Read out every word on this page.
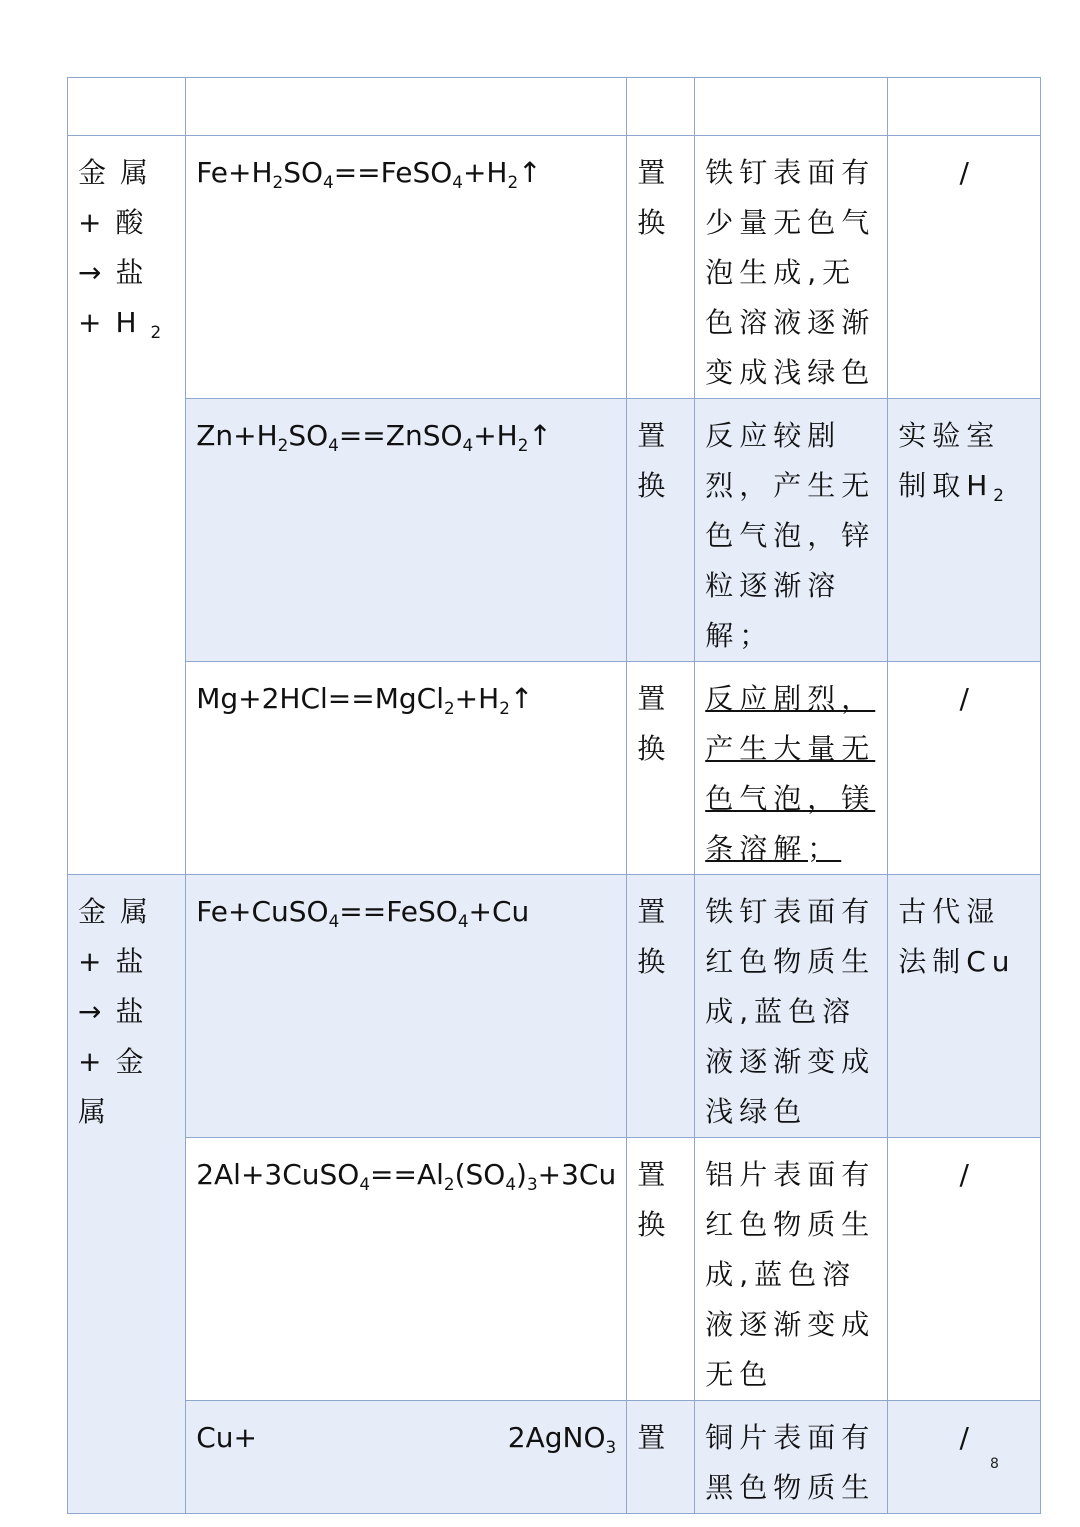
金属+酸→盐$+H_2$	$Fe+H_2SO_4==FeSO_4+H_2↑$	置换	铁钉表面有少量无色气泡生成,无色溶液逐渐变成浅绿色	/
	$Zn+H_2SO_4==ZnSO_4+H_2↑$	置换	反应较剧烈，产生无色气泡，锌粒逐渐溶解；	实验室制取$H_2$
	$Mg+2HCl==MgCl_2+H_2↑$	置换	反应剧烈，产生大量无色气泡，镁条溶解；	/
金属+盐→盐+金属	Fe+CuSO$_4$==FeSO$_4$+Cu	置换	铁钉表面有红色物质生成,蓝色溶液逐渐变成浅绿色	古代湿法制Cu
	$2Al+3CuSO_4==Al_2(SO_4)_3+3Cu$	置换	铝片表面有红色物质生成,蓝色溶液逐渐变成无色	/

	Cu+ 2AgNO$_3$	置	铜片表面有黑色物质生	/
8
